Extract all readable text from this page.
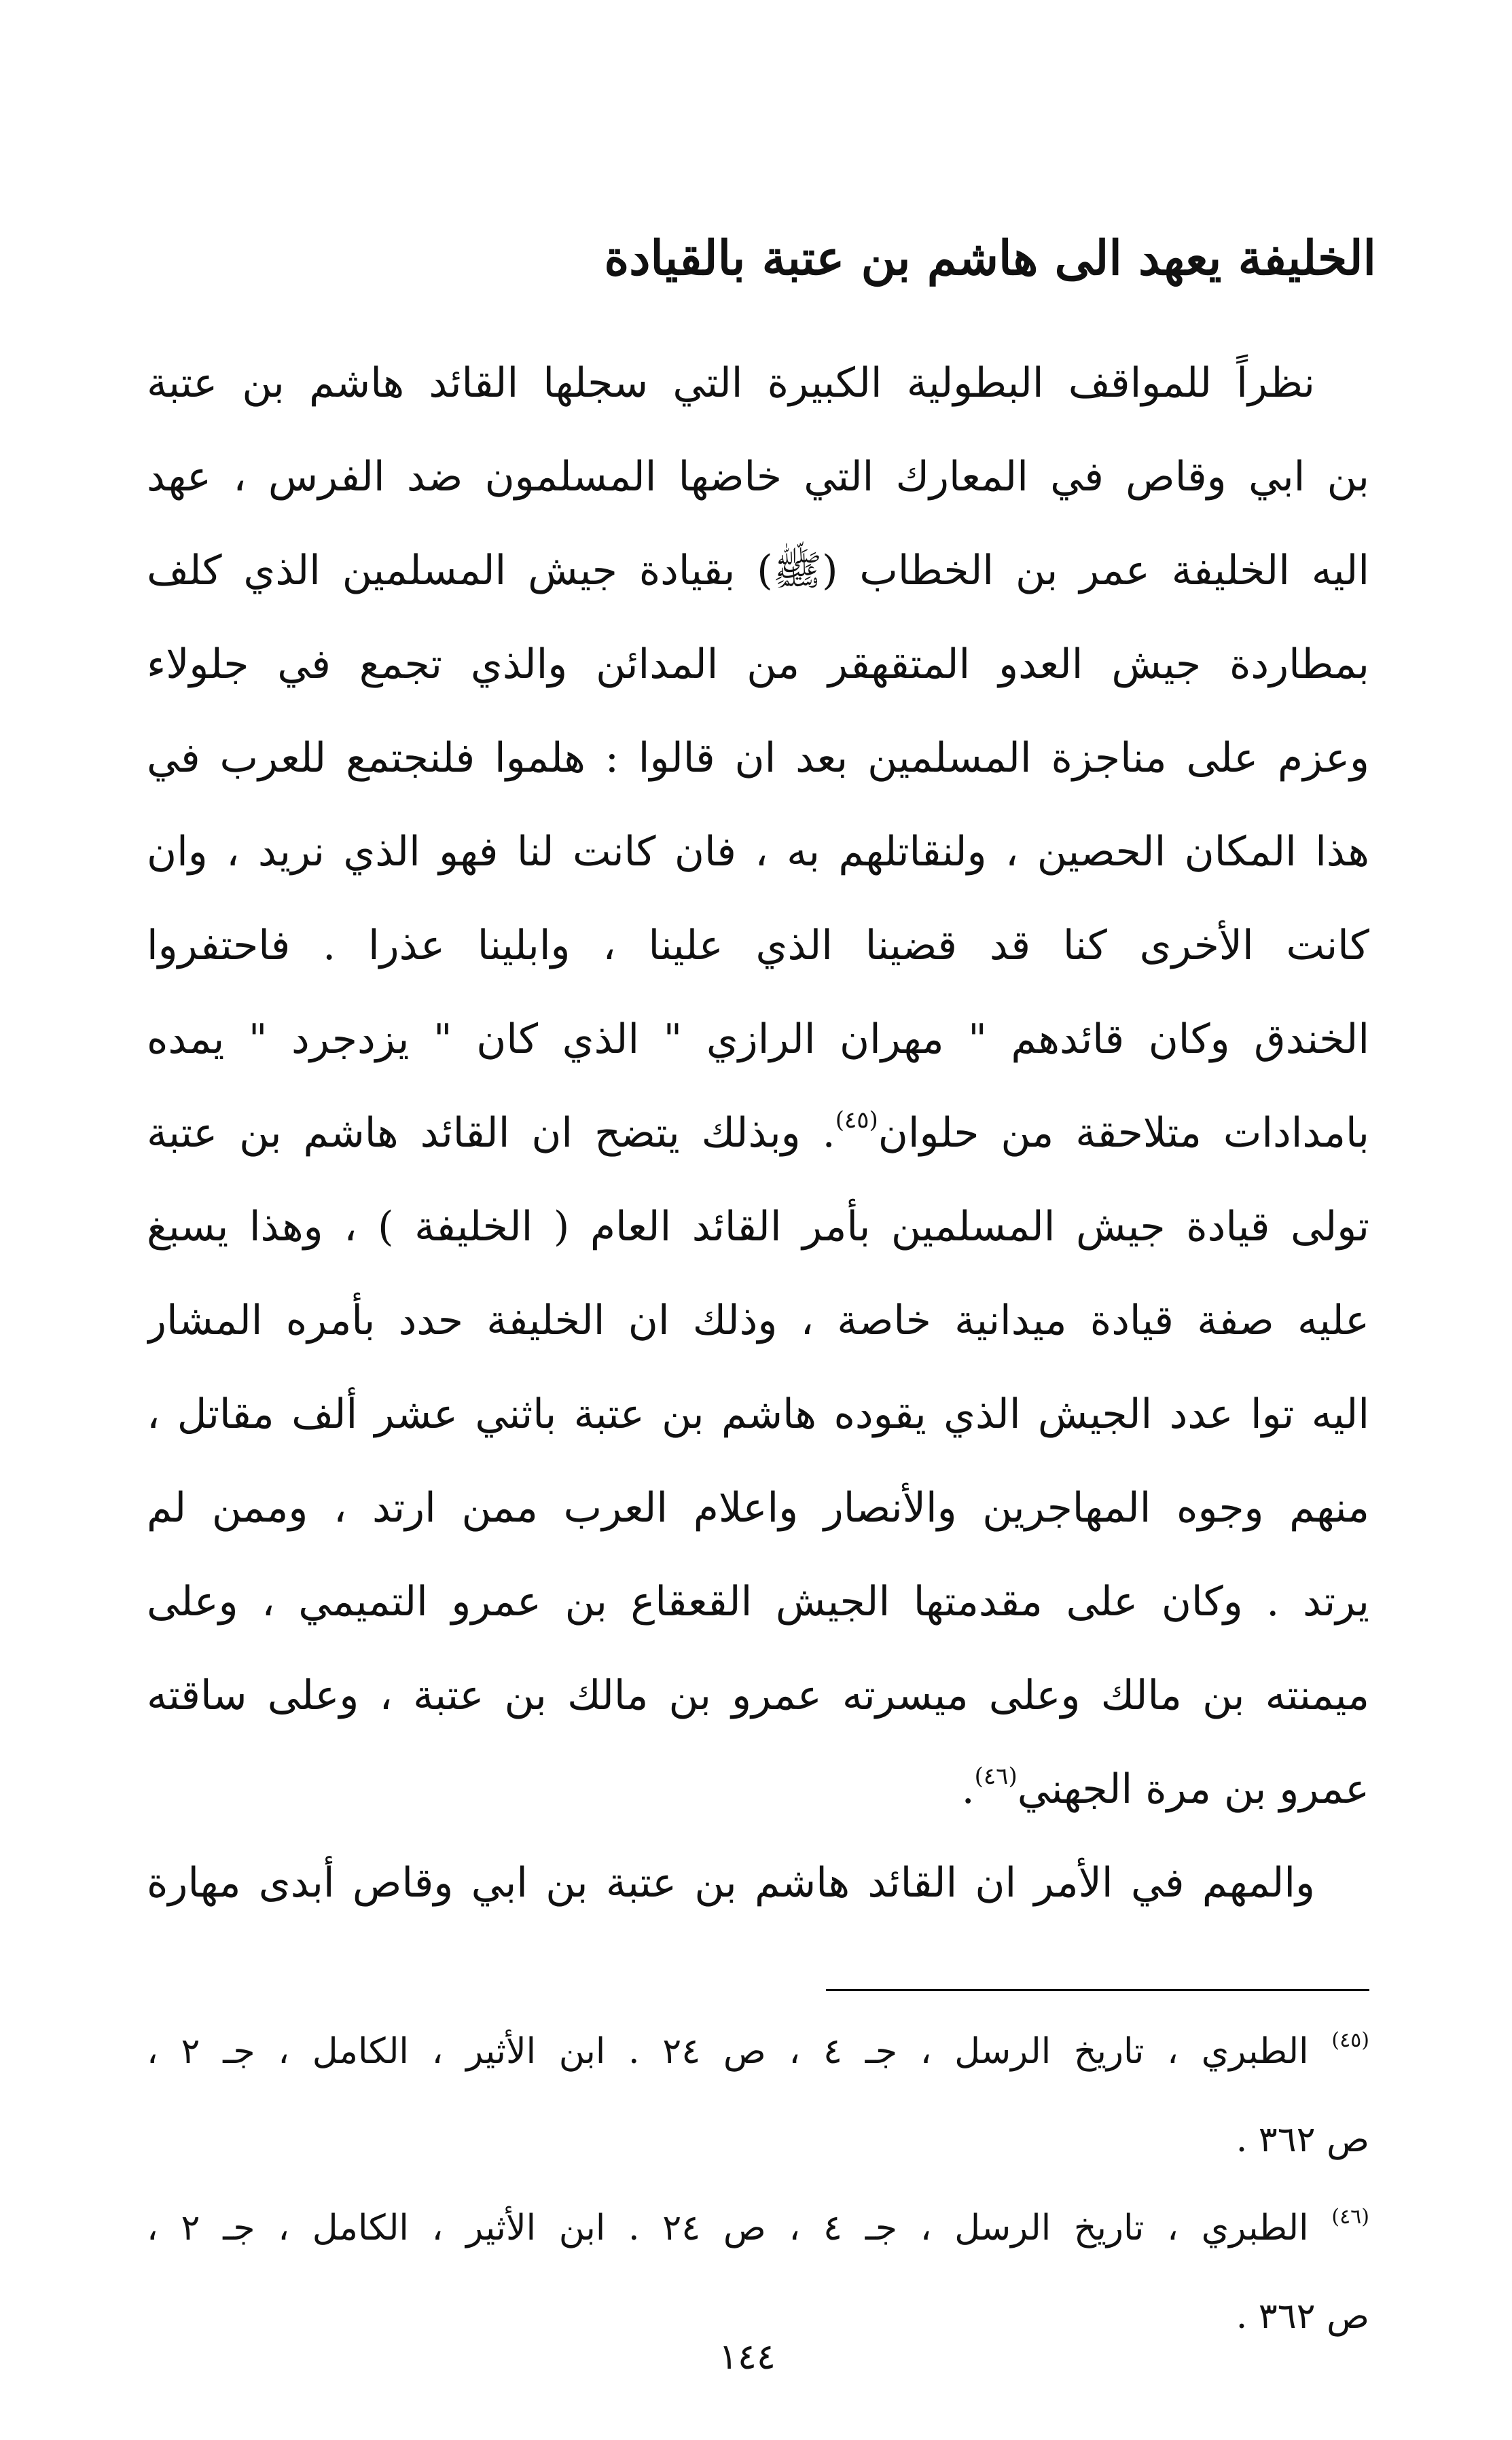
الخليفة يعهد الى هاشم بن عتبة بالقيادة
نظراً للمواقف البطولية الكبيرة التي سجلها القائد هاشم بن عتبة
بن ابي وقاص في المعارك التي خاضها المسلمون ضد الفرس ، عهد
اليه الخليفة عمر بن الخطاب (ﷺ) بقيادة جيش المسلمين الذي كلف
بمطاردة جيش العدو المتقهقر من المدائن والذي تجمع في جلولاء
وعزم على مناجزة المسلمين بعد ان قالوا : هلموا فلنجتمع للعرب في
هذا المكان الحصين ، ولنقاتلهم به ، فان كانت لنا فهو الذي نريد ، وان
كانت الأخرى كنا قد قضينا الذي علينا ، وابلينا عذرا . فاحتفروا
الخندق وكان قائدهم " مهران الرازي " الذي كان " يزدجرد " يمده
بامدادات متلاحقة من حلوان$^{(٤٥)}$. وبذلك يتضح ان القائد هاشم بن عتبة
تولى قيادة جيش المسلمين بأمر القائد العام ( الخليفة ) ، وهذا يسبغ
عليه صفة قيادة ميدانية خاصة ، وذلك ان الخليفة حدد بأمره المشار
اليه توا عدد الجيش الذي يقوده هاشم بن عتبة باثني عشر ألف مقاتل ،
منهم وجوه المهاجرين والأنصار واعلام العرب ممن ارتد ، وممن لم
يرتد . وكان على مقدمتها الجيش القعقاع بن عمرو التميمي ، وعلى
ميمنته بن مالك وعلى ميسرته عمرو بن مالك بن عتبة ، وعلى ساقته
عمرو بن مرة الجهني$^{(٤٦)}$.
والمهم في الأمر ان القائد هاشم بن عتبة بن ابي وقاص أبدى مهارة
$^{(٤٥)}$ الطبري ، تاريخ الرسل ، جـ ٤ ، ص ٢٤ . ابن الأثير ، الكامل ، جـ ٢ ،
ص ٣٦٢ .
$^{(٤٦)}$ الطبري ، تاريخ الرسل ، جـ ٤ ، ص ٢٤ . ابن الأثير ، الكامل ، جـ ٢ ،
ص ٣٦٢ .
١٤٤
